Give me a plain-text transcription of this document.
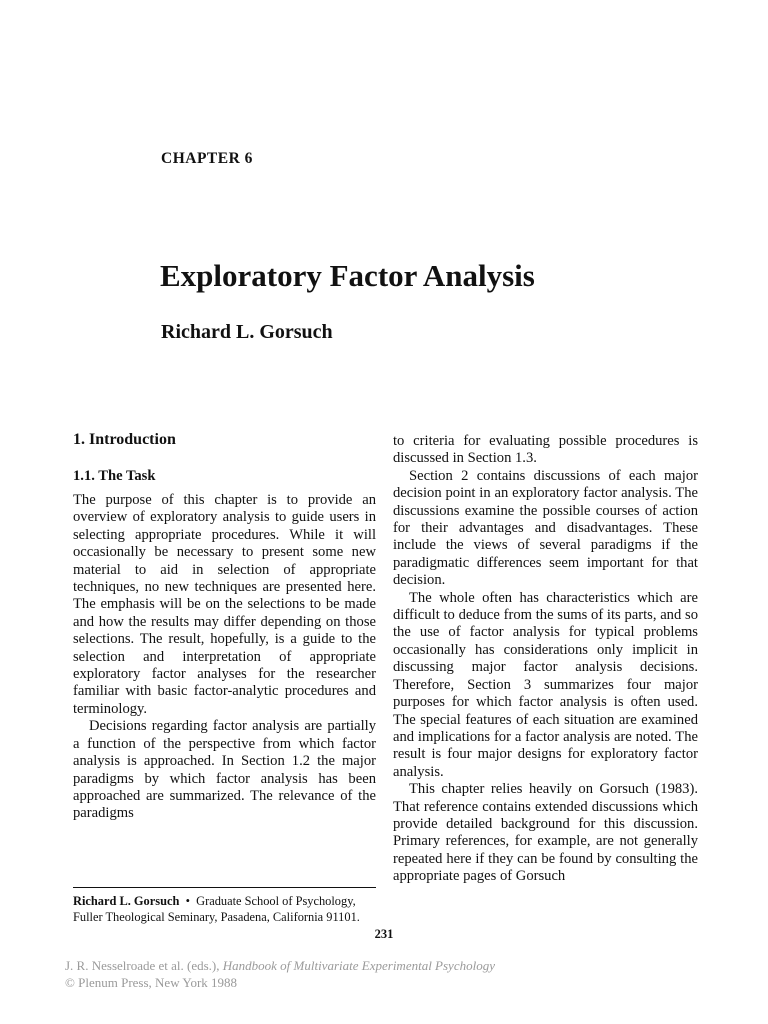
CHAPTER 6
Exploratory Factor Analysis
Richard L. Gorsuch
1. Introduction
1.1. The Task

The purpose of this chapter is to provide an overview of exploratory analysis to guide users in selecting appropriate procedures. While it will occasionally be necessary to present some new material to aid in selection of appropriate techniques, no new techniques are presented here. The emphasis will be on the selections to be made and how the results may differ depending on those selections. The result, hopefully, is a guide to the selection and interpretation of appropriate exploratory factor analyses for the researcher familiar with basic factor-analytic procedures and terminology.

Decisions regarding factor analysis are partially a function of the perspective from which factor analysis is approached. In Section 1.2 the major paradigms by which factor analysis has been approached are summarized. The relevance of the paradigms

to criteria for evaluating possible procedures is discussed in Section 1.3.

Section 2 contains discussions of each major decision point in an exploratory factor analysis. The discussions examine the possible courses of action for their advantages and disadvantages. These include the views of several paradigms if the paradigmatic differences seem important for that decision.

The whole often has characteristics which are difficult to deduce from the sums of its parts, and so the use of factor analysis for typical problems occasionally has considerations only implicit in discussing major factor analysis decisions. Therefore, Section 3 summarizes four major purposes for which factor analysis is often used. The special features of each situation are examined and implications for a factor analysis are noted. The result is four major designs for exploratory factor analysis.

This chapter relies heavily on Gorsuch (1983). That reference contains extended discussions which provide detailed background for this discussion. Primary references, for example, are not generally repeated here if they can be found by consulting the appropriate pages of Gorsuch

Richard L. Gorsuch • Graduate School of Psychology,
Fuller Theological Seminary, Pasadena, California 91101.
231
J. R. Nesselroade et al. (eds.), Handbook of Multivariate Experimental Psychology
© Plenum Press, New York 1988
